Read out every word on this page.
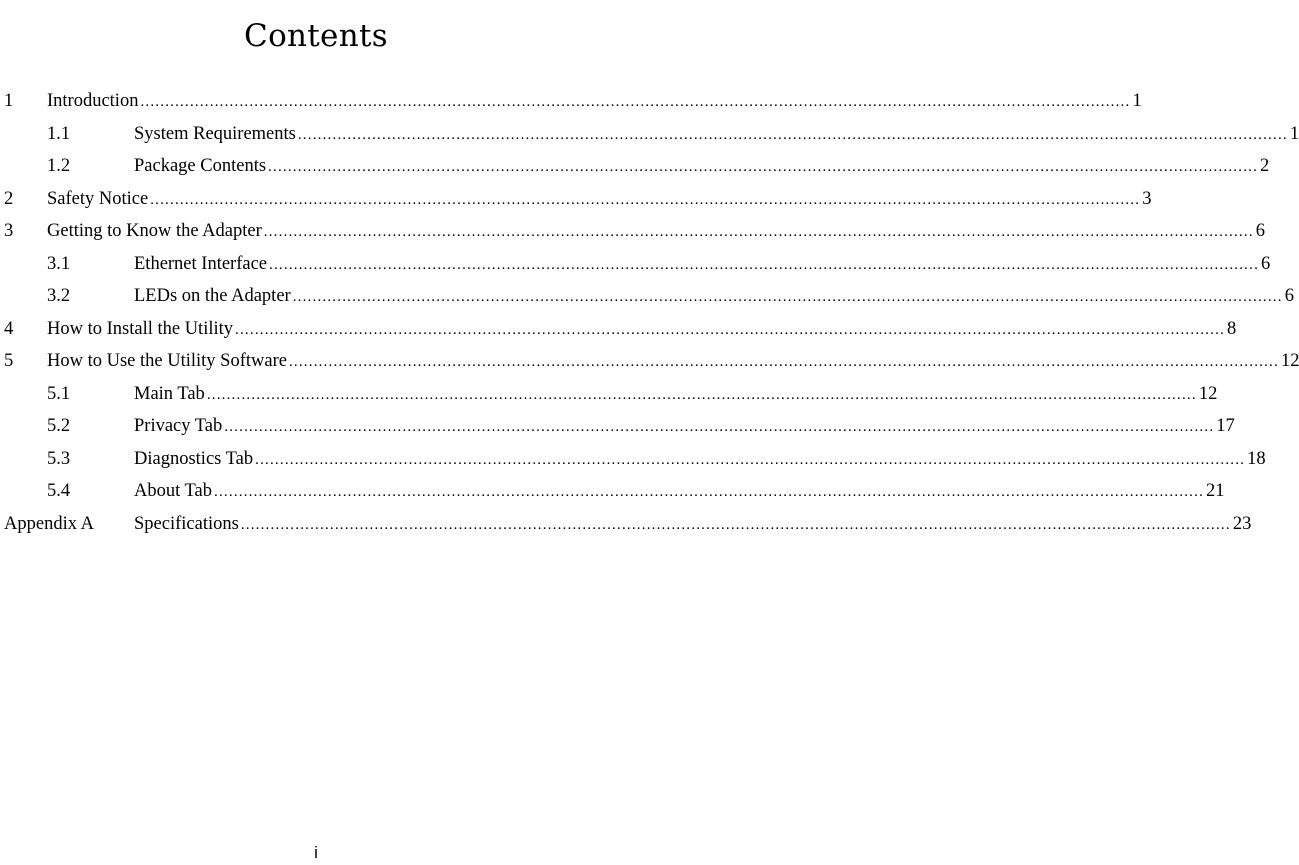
Contents
1 Introduction ........................................................................................................................................................................................................ 1
1.1	System Requirements ........................................................................................................................................................................................................ 1
1.2	Package Contents ........................................................................................................................................................................................................ 2
2 Safety Notice ........................................................................................................................................................................................................ 3
3 Getting to Know the Adapter ........................................................................................................................................................................................................ 6
3.1	Ethernet Interface ........................................................................................................................................................................................................ 6
3.2	LEDs on the Adapter ........................................................................................................................................................................................................ 6
4 How to Install the Utility ........................................................................................................................................................................................................ 8
5 How to Use the Utility Software ........................................................................................................................................................................................................ 12
5.1	Main Tab ........................................................................................................................................................................................................ 12
5.2	Privacy Tab ........................................................................................................................................................................................................ 17
5.3	Diagnostics Tab ........................................................................................................................................................................................................ 18
5.4	About Tab ........................................................................................................................................................................................................ 21
Appendix A Specifications ........................................................................................................................................................................................................ 23
i
